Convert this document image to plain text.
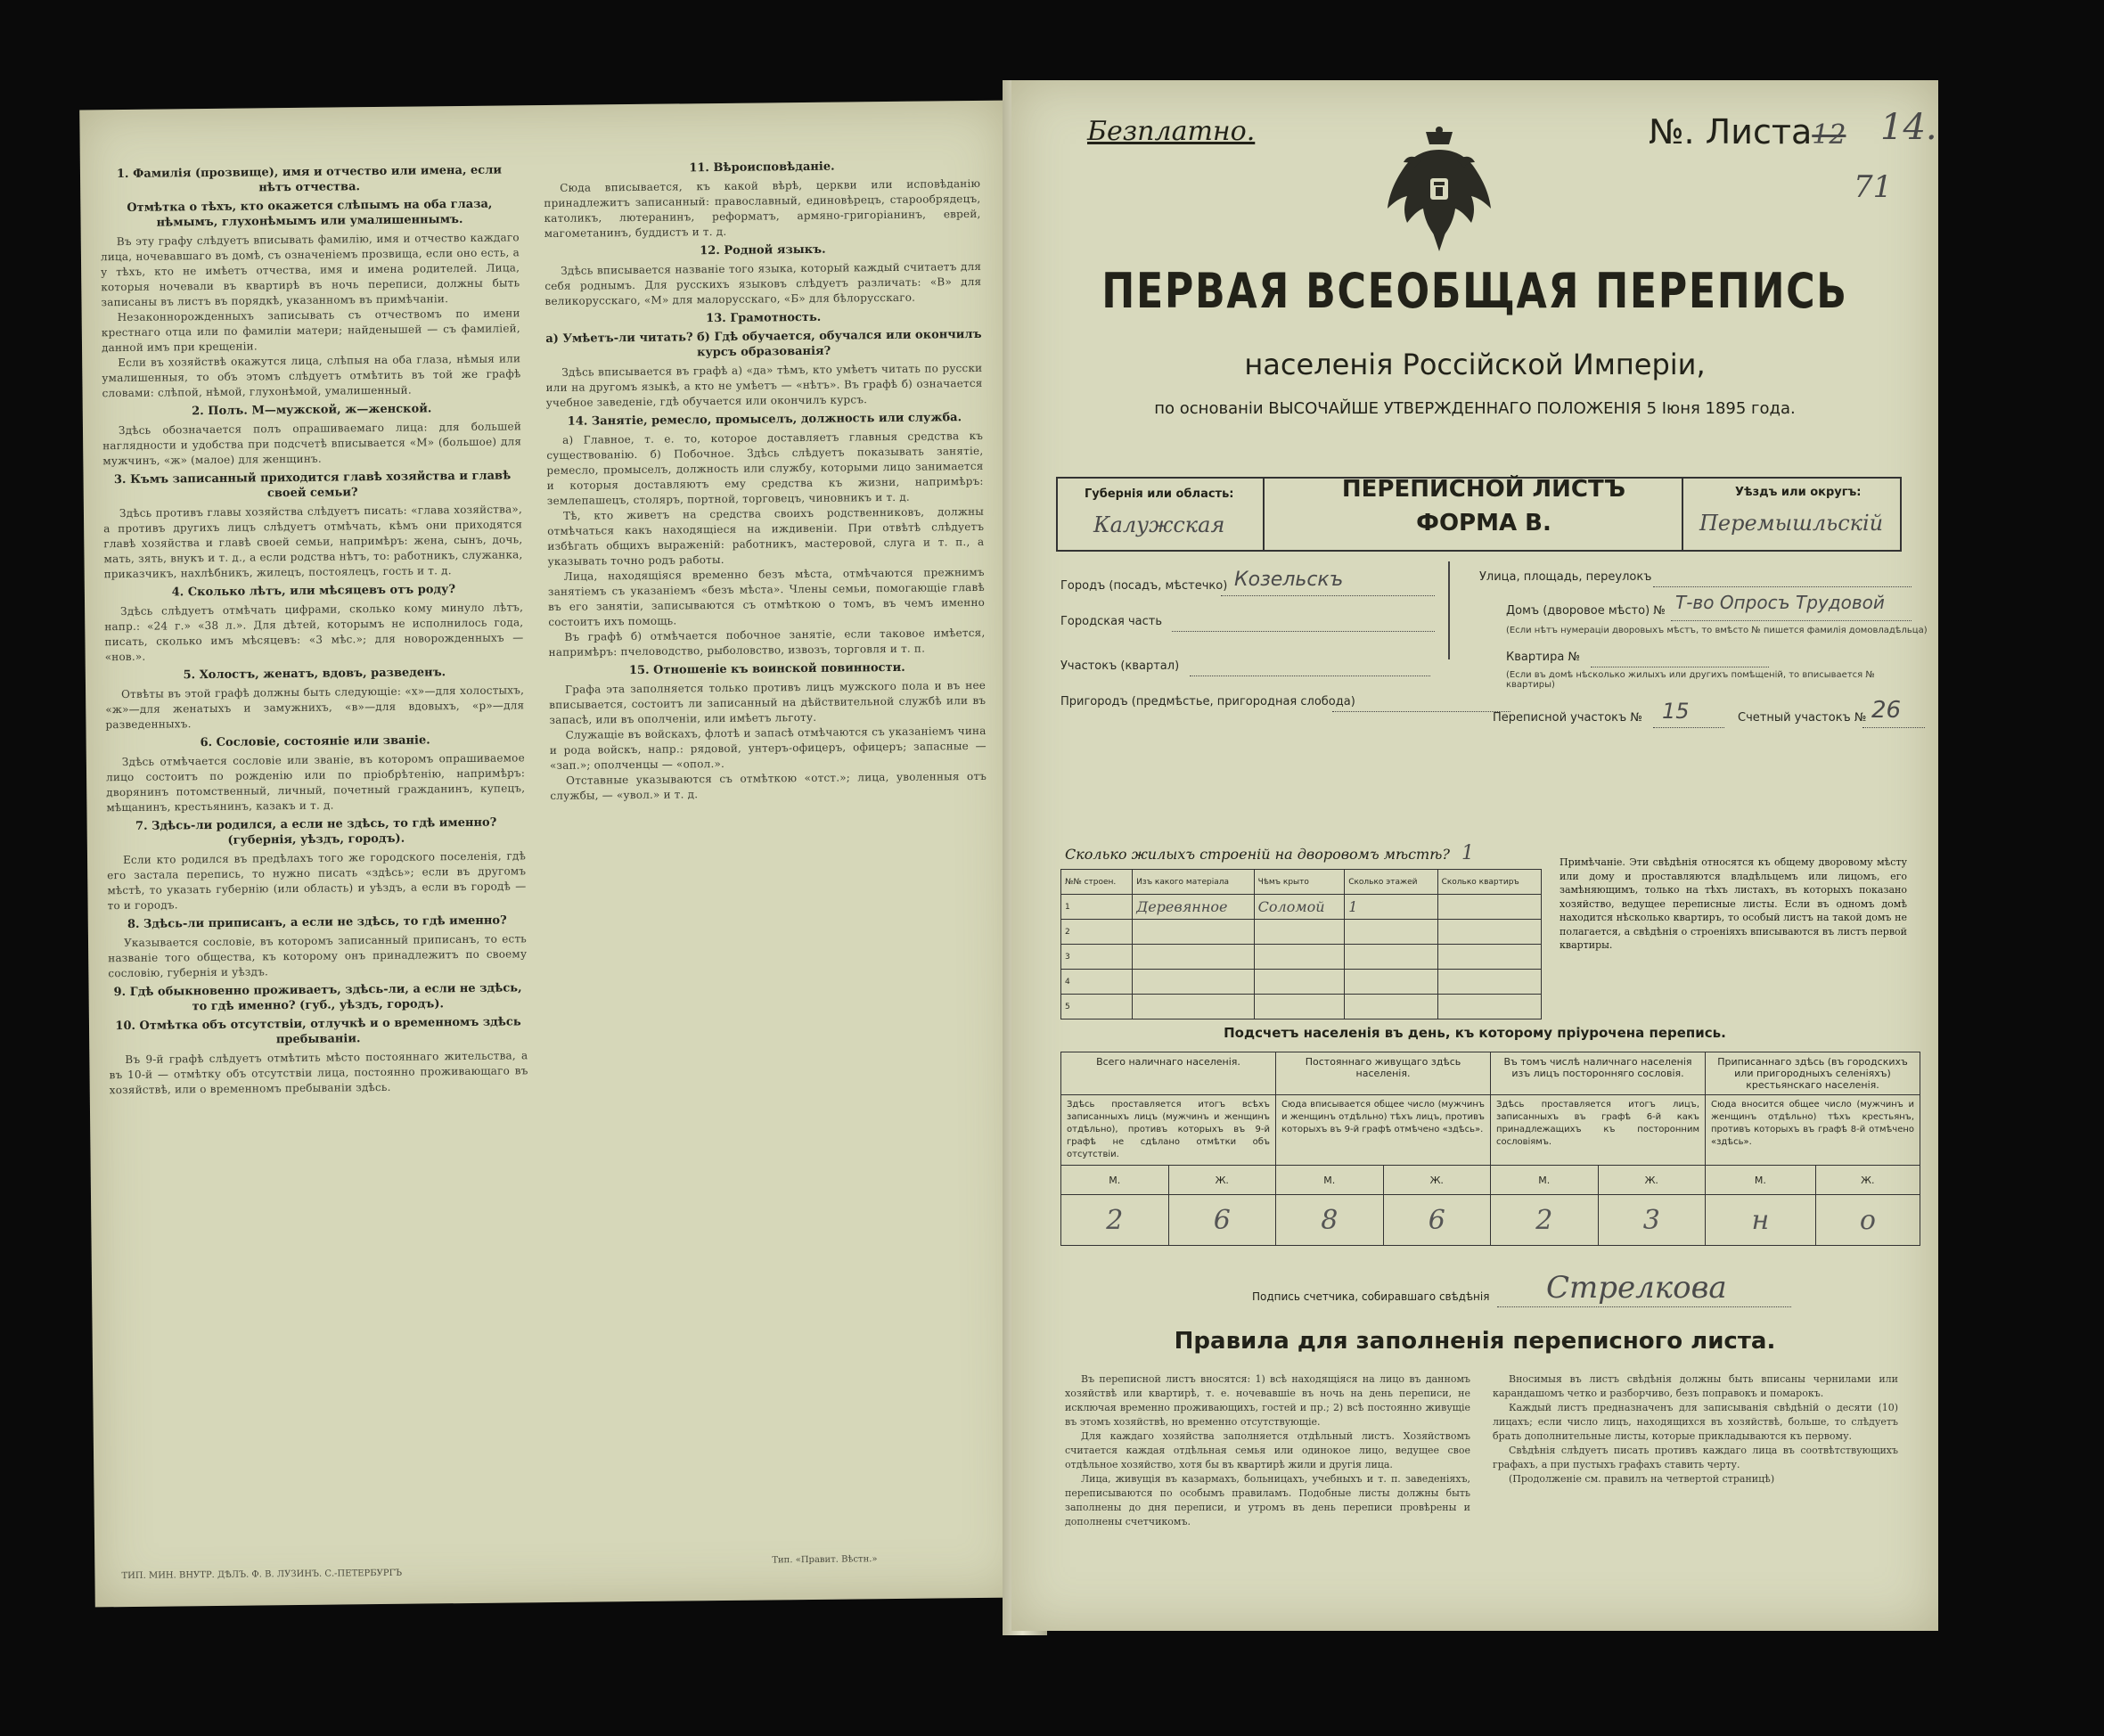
1. Фамилія (прозвище), имя и отчество или имена, если нѣтъ отчества.
Отмѣтка о тѣхъ, кто окажется слѣпымъ на оба глаза, нѣмымъ, глухонѣмымъ или умалишеннымъ.
Въ эту графу слѣдуетъ вписывать фамилію, имя и отчество каждаго лица, ночевавшаго въ домѣ, съ означеніемъ прозвища, если оно есть, а у тѣхъ, кто не имѣетъ отчества, имя и имена родителей. Лица, которыя ночевали въ квартирѣ въ ночь переписи, должны быть записаны въ листъ въ порядкѣ, указанномъ въ примѣчаніи.
Незаконнорожденныхъ записывать съ отчествомъ по имени крестнаго отца или по фамиліи матери; найденышей — съ фамиліей, данной имъ при крещеніи.
Если въ хозяйствѣ окажутся лица, слѣпыя на оба глаза, нѣмыя или умалишенныя, то объ этомъ слѣдуетъ отмѣтить въ той же графѣ словами: слѣпой, нѣмой, глухонѣмой, умалишенный.
2. Полъ. М—мужской, ж—женской.
Здѣсь обозначается полъ опрашиваемаго лица: для большей наглядности и удобства при подсчетѣ вписывается «М» (большое) для мужчинъ, «ж» (малое) для женщинъ.
3. Къмъ записанный приходится главѣ хозяйства и главѣ своей семьи?
Здѣсь противъ главы хозяйства слѣдуетъ писать: «глава хозяйства», а противъ другихъ лицъ слѣдуетъ отмѣчать, кѣмъ они приходятся главѣ хозяйства и главѣ своей семьи, напримѣръ: жена, сынъ, дочь, мать, зять, внукъ и т. д., а если родства нѣтъ, то: работникъ, служанка, приказчикъ, нахлѣбникъ, жилецъ, постоялецъ, гость и т. д.
4. Сколько лѣтъ, или мѣсяцевъ отъ роду?
Здѣсь слѣдуетъ отмѣчать цифрами, сколько кому минуло лѣтъ, напр.: «24 г.» «38 л.». Для дѣтей, которымъ не исполнилось года, писать, сколько имъ мѣсяцевъ: «3 мѣс.»; для новорожденныхъ — «нов.».
5. Холостъ, женатъ, вдовъ, разведенъ.
Отвѣты въ этой графѣ должны быть следующіе: «х»—для холостыхъ, «ж»—для женатыхъ и замужнихъ, «в»—для вдовыхъ, «р»—для разведенныхъ.
6. Сословіе, состояніе или званіе.
Здѣсь отмѣчается сословіе или званіе, въ которомъ опрашиваемое лицо состоитъ по рожденію или по пріобрѣтенію, напримѣръ: дворянинъ потомственный, личный, почетный гражданинъ, купецъ, мѣщанинъ, крестьянинъ, казакъ и т. д.
7. Здѣсь-ли родился, а если не здѣсь, то гдѣ именно? (губернія, уѣздъ, городъ).
Если кто родился въ предѣлахъ того же городского поселенія, гдѣ его застала перепись, то нужно писать «здѣсь»; если въ другомъ мѣстѣ, то указать губернію (или область) и уѣздъ, а если въ городѣ — то и городъ.
8. Здѣсь-ли приписанъ, а если не здѣсь, то гдѣ именно?
Указывается сословіе, въ которомъ записанный приписанъ, то есть названіе того общества, къ которому онъ принадлежитъ по своему сословію, губернія и уѣздъ.
9. Гдѣ обыкновенно проживаетъ, здѣсь-ли, а если не здѣсь, то гдѣ именно? (губ., уѣздъ, городъ).
10. Отмѣтка объ отсутствіи, отлучкѣ и о временномъ здѣсь пребываніи.
Въ 9-й графѣ слѣдуетъ отмѣтить мѣсто постояннаго жительства, а въ 10-й — отмѣтку объ отсутствіи лица, постоянно проживающаго въ хозяйствѣ, или о временномъ пребываніи здѣсь.
11. Вѣроисповѣданіе.
Сюда вписывается, къ какой вѣрѣ, церкви или исповѣданію принадлежитъ записанный: православный, единовѣрецъ, старообрядецъ, католикъ, лютеранинъ, реформатъ, армяно-григоріанинъ, еврей, магометанинъ, буддистъ и т. д.
12. Родной языкъ.
Здѣсь вписывается названіе того языка, который каждый считаетъ для себя роднымъ. Для русскихъ языковъ слѣдуетъ различать: «В» для великорусскаго, «М» для малорусскаго, «Б» для бѣлорусскаго.
13. Грамотность.
а) Умѣетъ-ли читать? б) Гдѣ обучается, обучался или окончилъ курсъ образованія?
Здѣсь вписывается въ графѣ а) «да» тѣмъ, кто умѣетъ читать по русски или на другомъ языкѣ, а кто не умѣетъ — «нѣтъ». Въ графѣ б) означается учебное заведеніе, гдѣ обучается или окончилъ курсъ.
14. Занятіе, ремесло, промыселъ, должность или служба.
а) Главное, т. е. то, которое доставляетъ главныя средства къ существованію. б) Побочное. Здѣсь слѣдуетъ показывать занятіе, ремесло, промыселъ, должность или службу, которыми лицо занимается и которыя доставляютъ ему средства къ жизни, напримѣръ: землепашецъ, столяръ, портной, торговецъ, чиновникъ и т. д.
Тѣ, кто живетъ на средства своихъ родственниковъ, должны отмѣчаться какъ находящіеся на иждивеніи. При отвѣтѣ слѣдуетъ избѣгать общихъ выраженій: работникъ, мастеровой, слуга и т. п., а указывать точно родъ работы.
Лица, находящіяся временно безъ мѣста, отмѣчаются прежнимъ занятіемъ съ указаніемъ «безъ мѣста». Члены семьи, помогающіе главѣ въ его занятіи, записываются съ отмѣткою о томъ, въ чемъ именно состоитъ ихъ помощь.
Въ графѣ б) отмѣчается побочное занятіе, если таковое имѣется, напримѣръ: пчеловодство, рыболовство, извозъ, торговля и т. п.
15. Отношеніе къ воинской повинности.
Графа эта заполняется только противъ лицъ мужского пола и въ нее вписывается, состоитъ ли записанный на дѣйствительной службѣ или въ запасѣ, или въ ополченіи, или имѣетъ льготу.
Служащіе въ войскахъ, флотѣ и запасѣ отмѣчаются съ указаніемъ чина и рода войскъ, напр.: рядовой, унтеръ-офицеръ, офицеръ; запасные — «зап.»; ополченцы — «опол.».
Отставные указываются съ отмѣткою «отст.»; лица, уволенныя отъ службы, — «увол.» и т. д.
ТИП. МИН. ВНУТР. ДѢЛЪ. Ф. В. ЛУЗИНЪ. С.-ПЕТЕРБУРГЪ
Тип. «Правит. Вѣстн.»
Безплатно.	№. Листа12 14.
71
ПЕРВАЯ ВСЕОБЩАЯ ПЕРЕПИСЬ
населенія Россійской Имперіи,
по основаніи ВЫСОЧАЙШЕ УТВЕРЖДЕННАГО ПОЛОЖЕНІЯ 5 Іюня 1895 года.
Губернія или область:
Калужская
Уѣздъ или округъ:
Перемышльскій
ПЕРЕПИСНОЙ ЛИСТЪ
ФОРМА В.
Городъ (посадъ, мѣстечко) Козельскъ
Городская часть
Участокъ (квартал)
Пригородъ (предмѣстье, пригородная слобода)
Улица, площадь, переулокъ
Домъ (дворовое мѣсто) № Т-во Опросъ Трудовой
(Если нѣтъ нумераціи дворовыхъ мѣстъ, то вмѣсто № пишется фамилія домовладѣльца)
Квартира №
(Если въ домѣ нѣсколько жилыхъ или другихъ помѣщеній, то вписывается № квартиры)
Переписной участокъ № 15	Счетный участокъ № 26
Сколько жилыхъ строеній на дворовомъ мѣстѣ? 1
№№ строен.	Изъ какого матеріала	Чѣмъ крыто	Сколько этажей	Сколько квартиръ
1	Деревянное	Соломой	1	
2				
3				
4				
5				
Примѣчаніе. Эти свѣдѣнія относятся къ общему дворовому мѣсту или дому и проставляются владѣльцемъ или лицомъ, его замѣняющимъ, только на тѣхъ листахъ, въ которыхъ показано хозяйство, ведущее переписные листы. Если въ одномъ домѣ находится нѣсколько квартиръ, то особый листъ на такой домъ не полагается, а свѣдѣнія о строеніяхъ вписываются въ листъ первой квартиры.
Подсчетъ населенія въ день, къ которому пріурочена перепись.
Всего наличнаго населенія.		Постояннаго живущаго здѣсь населенія.		Въ томъ числѣ наличнаго населенія изъ лицъ посторонняго сословія.		Приписаннаго здѣсь (въ городскихъ или пригородныхъ селеніяхъ) крестьянскаго населенія.	
Здѣсь проставляется итогъ всѣхъ записанныхъ лицъ (мужчинъ и женщинъ отдѣльно), противъ которыхъ въ 9-й графѣ не сдѣлано отмѣтки объ отсутствіи.		Сюда вписывается общее число (мужчинъ и женщинъ отдѣльно) тѣхъ лицъ, противъ которыхъ въ 9-й графѣ отмѣчено «здѣсь».		Здѣсь проставляется итогъ лицъ, записанныхъ въ графѣ 6-й какъ принадлежащихъ къ посторонним сословіямъ.		Сюда вносится общее число (мужчинъ и женщинъ отдѣльно) тѣхъ крестьянъ, противъ которыхъ въ графѣ 8-й отмѣчено «здѣсь».	
М.	Ж.	М.	Ж.	М.	Ж.	М.	Ж.
2	6	8	6	2	3	н	о
Подпись счетчика, собиравшаго свѣдѣнія Стрелкова
Правила для заполненія переписного листа.
Въ переписной листъ вносятся: 1) всѣ находящіяся на лицо въ данномъ хозяйствѣ или квартирѣ, т. е. ночевавшіе въ ночь на день переписи, не исключая временно проживающихъ, гостей и пр.; 2) всѣ постоянно живущіе въ этомъ хозяйствѣ, но временно отсутствующіе.
Для каждаго хозяйства заполняется отдѣльный листъ. Хозяйствомъ считается каждая отдѣльная семья или одинокое лицо, ведущее свое отдѣльное хозяйство, хотя бы въ квартирѣ жили и другія лица.
Лица, живущія въ казармахъ, больницахъ, учебныхъ и т. п. заведеніяхъ, переписываются по особымъ правиламъ. Подобные листы должны быть заполнены до дня переписи, и утромъ въ день переписи провѣрены и дополнены счетчикомъ.
Вносимыя въ листъ свѣдѣнія должны быть вписаны чернилами или карандашомъ четко и разборчиво, безъ поправокъ и помарокъ.
Каждый листъ предназначенъ для записыванія свѣдѣній о десяти (10) лицахъ; если число лицъ, находящихся въ хозяйствѣ, больше, то слѣдуетъ брать дополнительные листы, которые прикладываются къ первому.
Свѣдѣнія слѣдуетъ писать противъ каждаго лица въ соотвѣтствующихъ графахъ, а при пустыхъ графахъ ставить черту.
(Продолженіе см. правилъ на четвертой страницѣ)
